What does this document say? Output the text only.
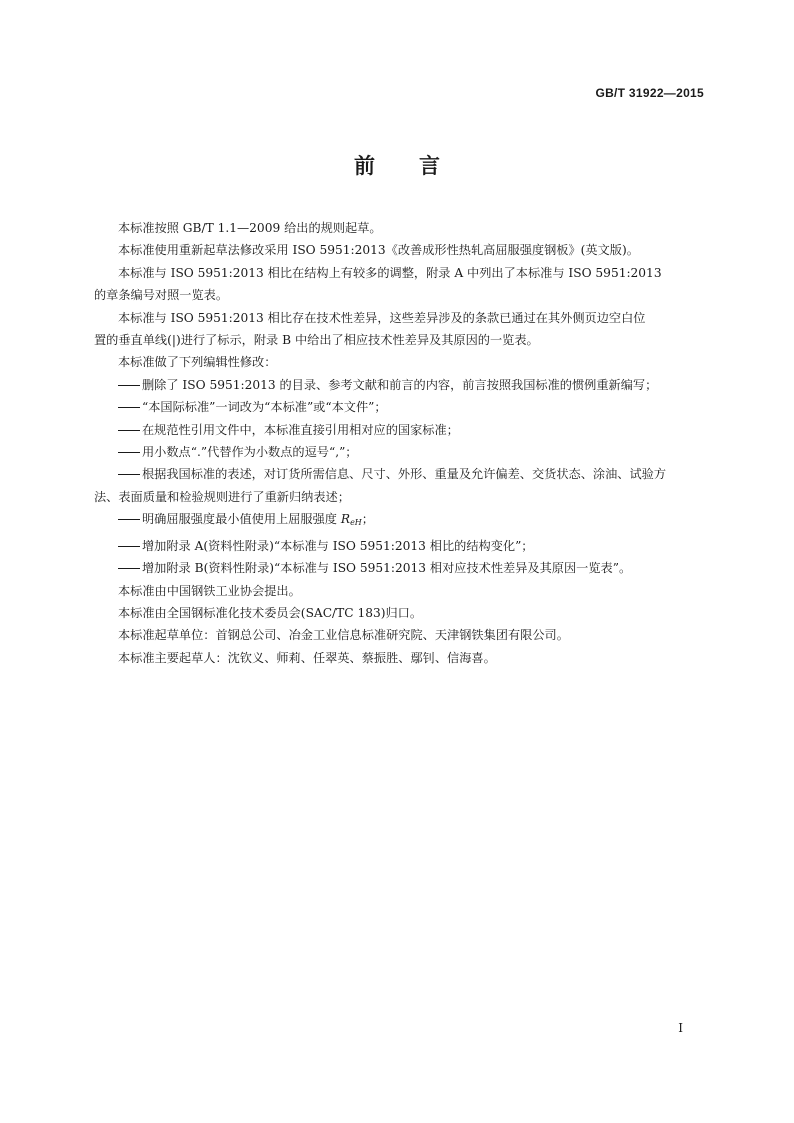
GB/T 31922—2015
前言

本标准按照 GB/T 1.1—2009 给出的规则起草。

本标准使用重新起草法修改采用 ISO 5951:2013《改善成形性热轧高屈服强度钢板》(英文版)。

本标准与 ISO 5951:2013 相比在结构上有较多的调整，附录 A 中列出了本标准与 ISO 5951:2013
的章条编号对照一览表。

本标准与 ISO 5951:2013 相比存在技术性差异，这些差异涉及的条款已通过在其外侧页边空白位
置的垂直单线(|)进行了标示，附录 B 中给出了相应技术性差异及其原因的一览表。

本标准做了下列编辑性修改：

删除了 ISO 5951:2013 的目录、参考文献和前言的内容，前言按照我国标准的惯例重新编写；

“本国际标准”一词改为“本标准”或“本文件”；

在规范性引用文件中，本标准直接引用相对应的国家标准；

用小数点“.”代替作为小数点的逗号“,”；

根据我国标准的表述，对订货所需信息、尺寸、外形、重量及允许偏差、交货状态、涂油、试验方
法、表面质量和检验规则进行了重新归纳表述；

明确屈服强度最小值使用上屈服强度 $R_{eH}$；

增加附录 A(资料性附录)“本标准与 ISO 5951:2013 相比的结构变化”；

增加附录 B(资料性附录)“本标准与 ISO 5951:2013 相对应技术性差异及其原因一览表”。

本标准由中国钢铁工业协会提出。

本标准由全国钢标准化技术委员会(SAC/TC 183)归口。

本标准起草单位：首钢总公司、冶金工业信息标准研究院、天津钢铁集团有限公司。

本标准主要起草人：沈钦义、师莉、任翠英、蔡振胜、鄢钊、信海喜。

I
